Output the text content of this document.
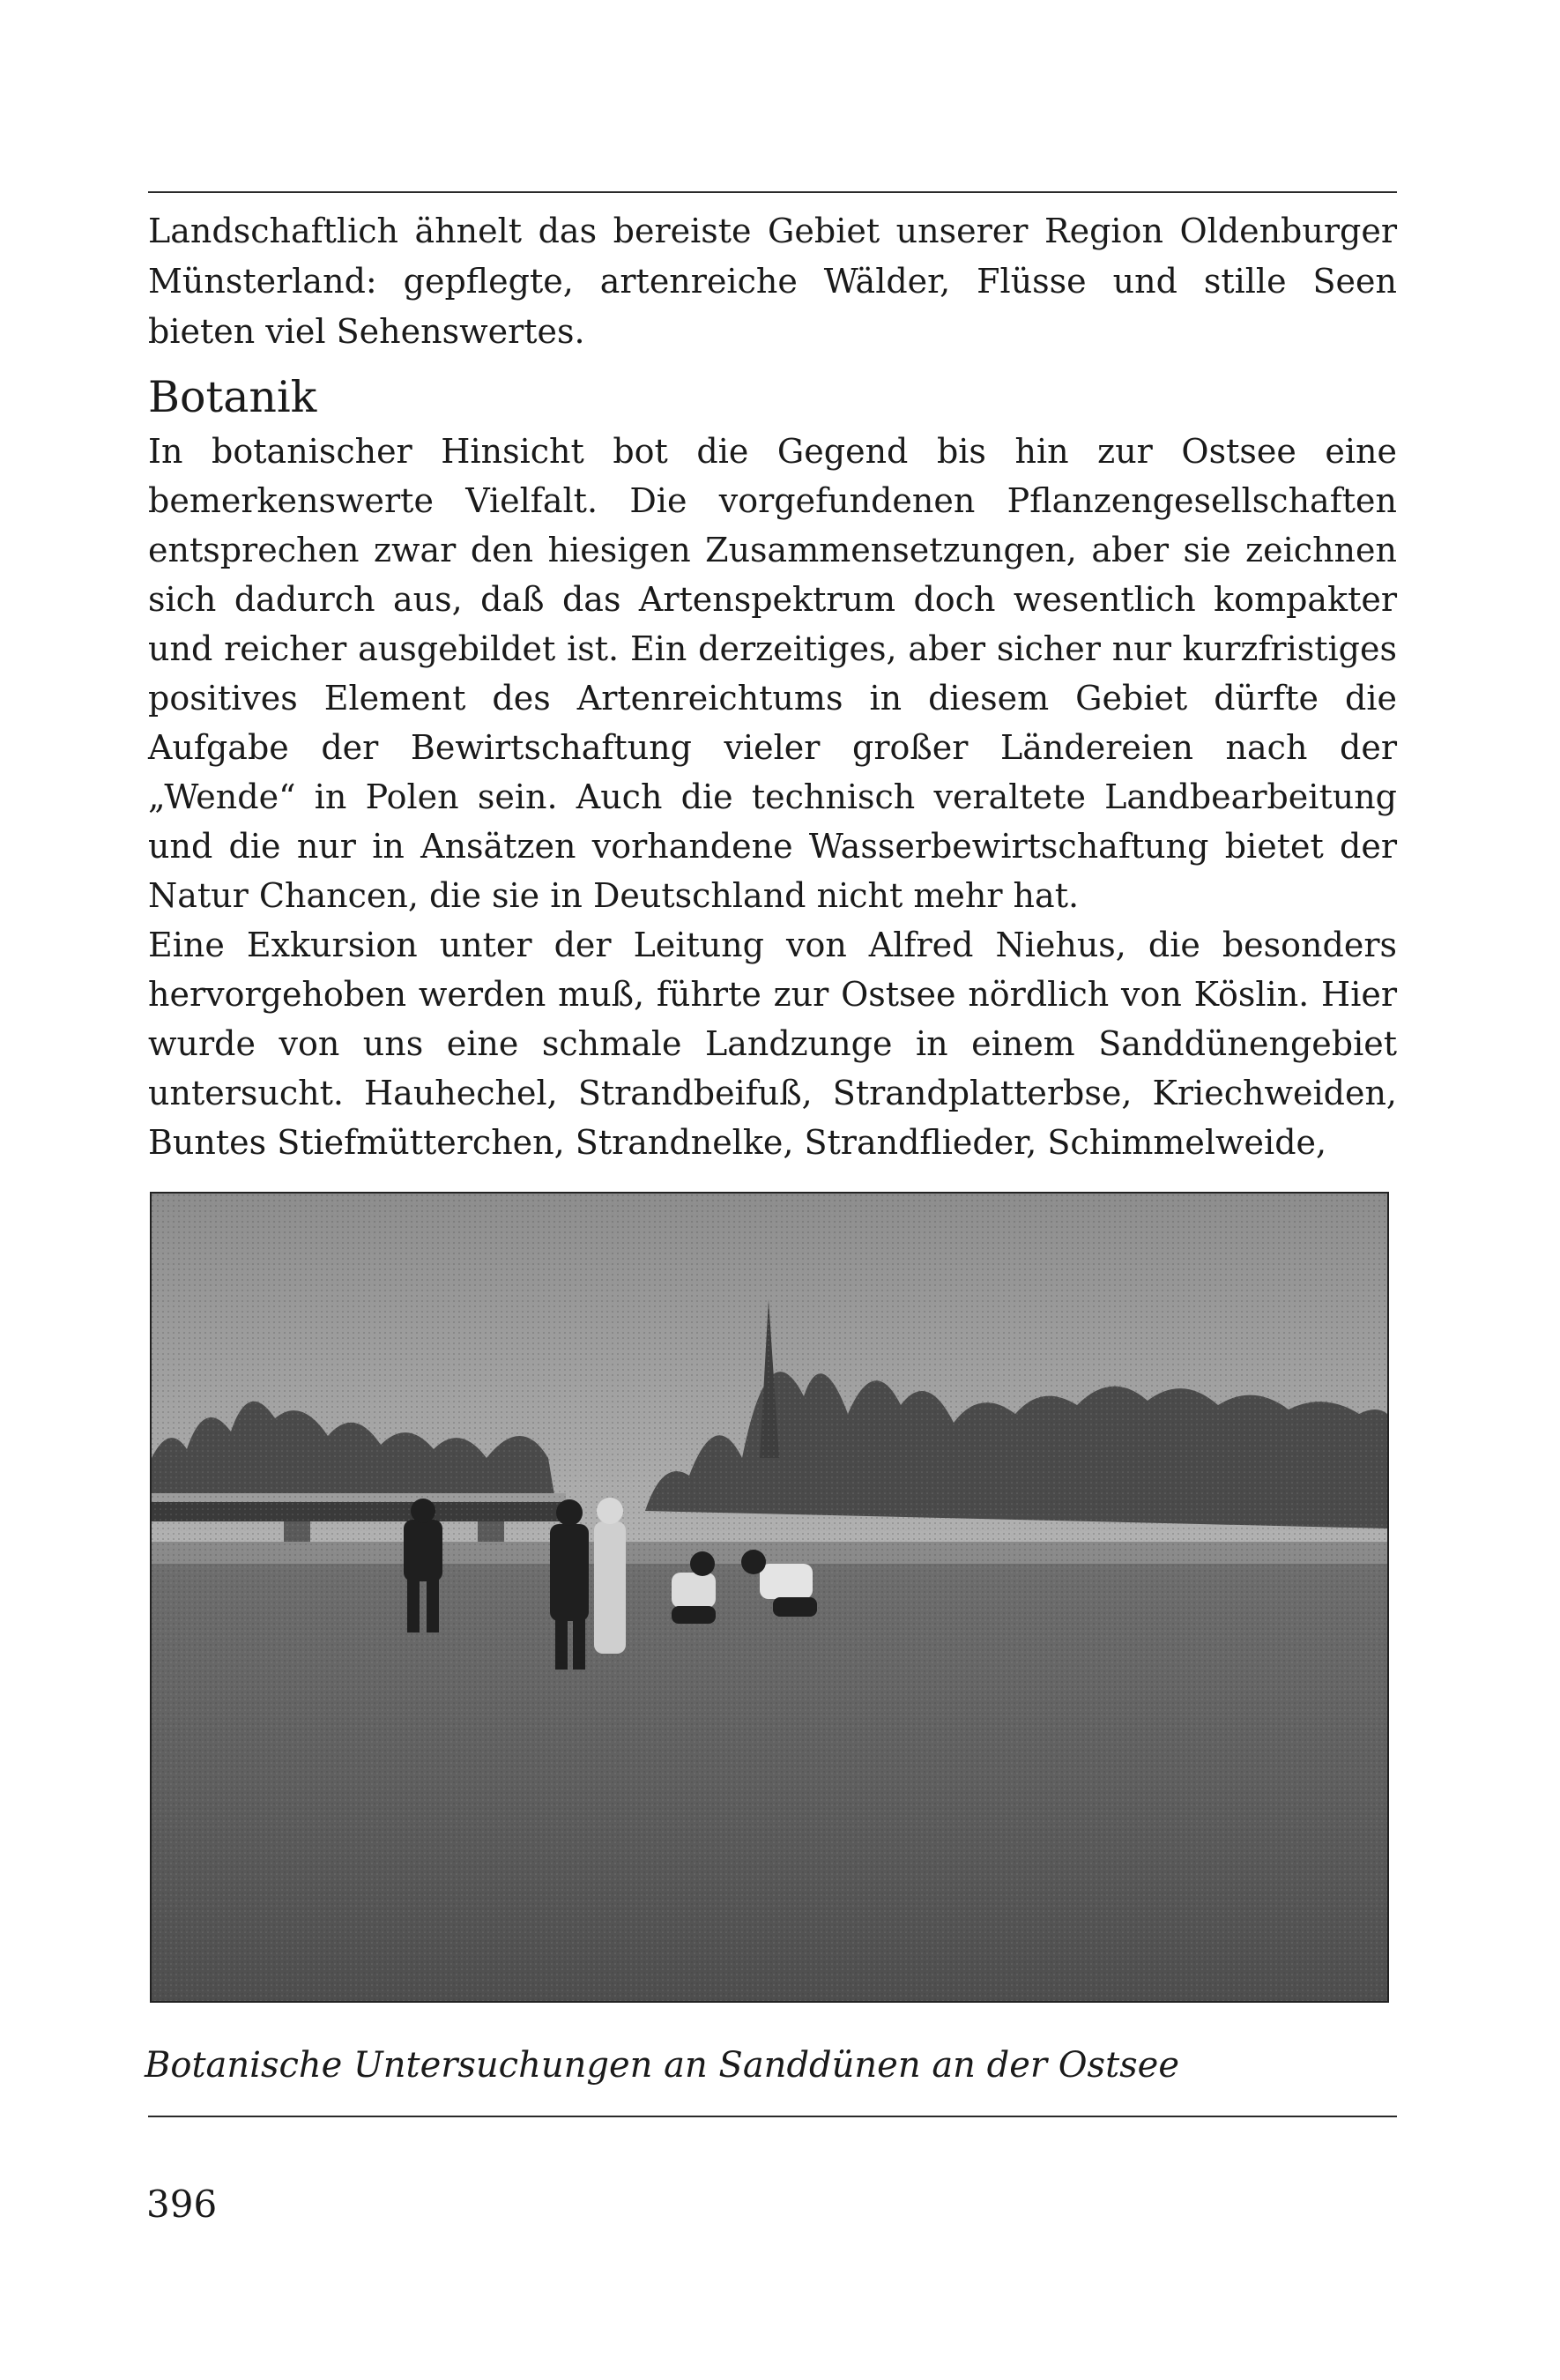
Landschaftlich ähnelt das bereiste Gebiet unserer Region Oldenburger Münsterland: gepflegte, artenreiche Wälder, Flüsse und stille Seen bieten viel Sehenswertes.

Botanik

In botanischer Hinsicht bot die Gegend bis hin zur Ostsee eine bemerkenswerte Vielfalt. Die vorgefundenen Pflanzengesellschaften entsprechen zwar den hiesigen Zusammensetzungen, aber sie zeichnen sich dadurch aus, daß das Artenspektrum doch wesentlich kompakter und reicher ausgebildet ist. Ein derzeitiges, aber sicher nur kurzfristiges positives Element des Artenreichtums in diesem Gebiet dürfte die Aufgabe der Bewirtschaftung vieler großer Ländereien nach der „Wende“ in Polen sein. Auch die technisch veraltete Landbearbeitung und die nur in Ansätzen vorhandene Wasserbewirtschaftung bietet der Natur Chancen, die sie in Deutschland nicht mehr hat.

Eine Exkursion unter der Leitung von Alfred Niehus, die besonders hervorgehoben werden muß, führte zur Ostsee nördlich von Köslin. Hier wurde von uns eine schmale Landzunge in einem Sanddünengebiet untersucht. Hauhechel, Strandbeifuß, Strandplatterbse, Kriechweiden, Buntes Stiefmütterchen, Strandnelke, Strandflieder, Schimmelweide,

Botanische Untersuchungen an Sanddünen an der Ostsee

396
